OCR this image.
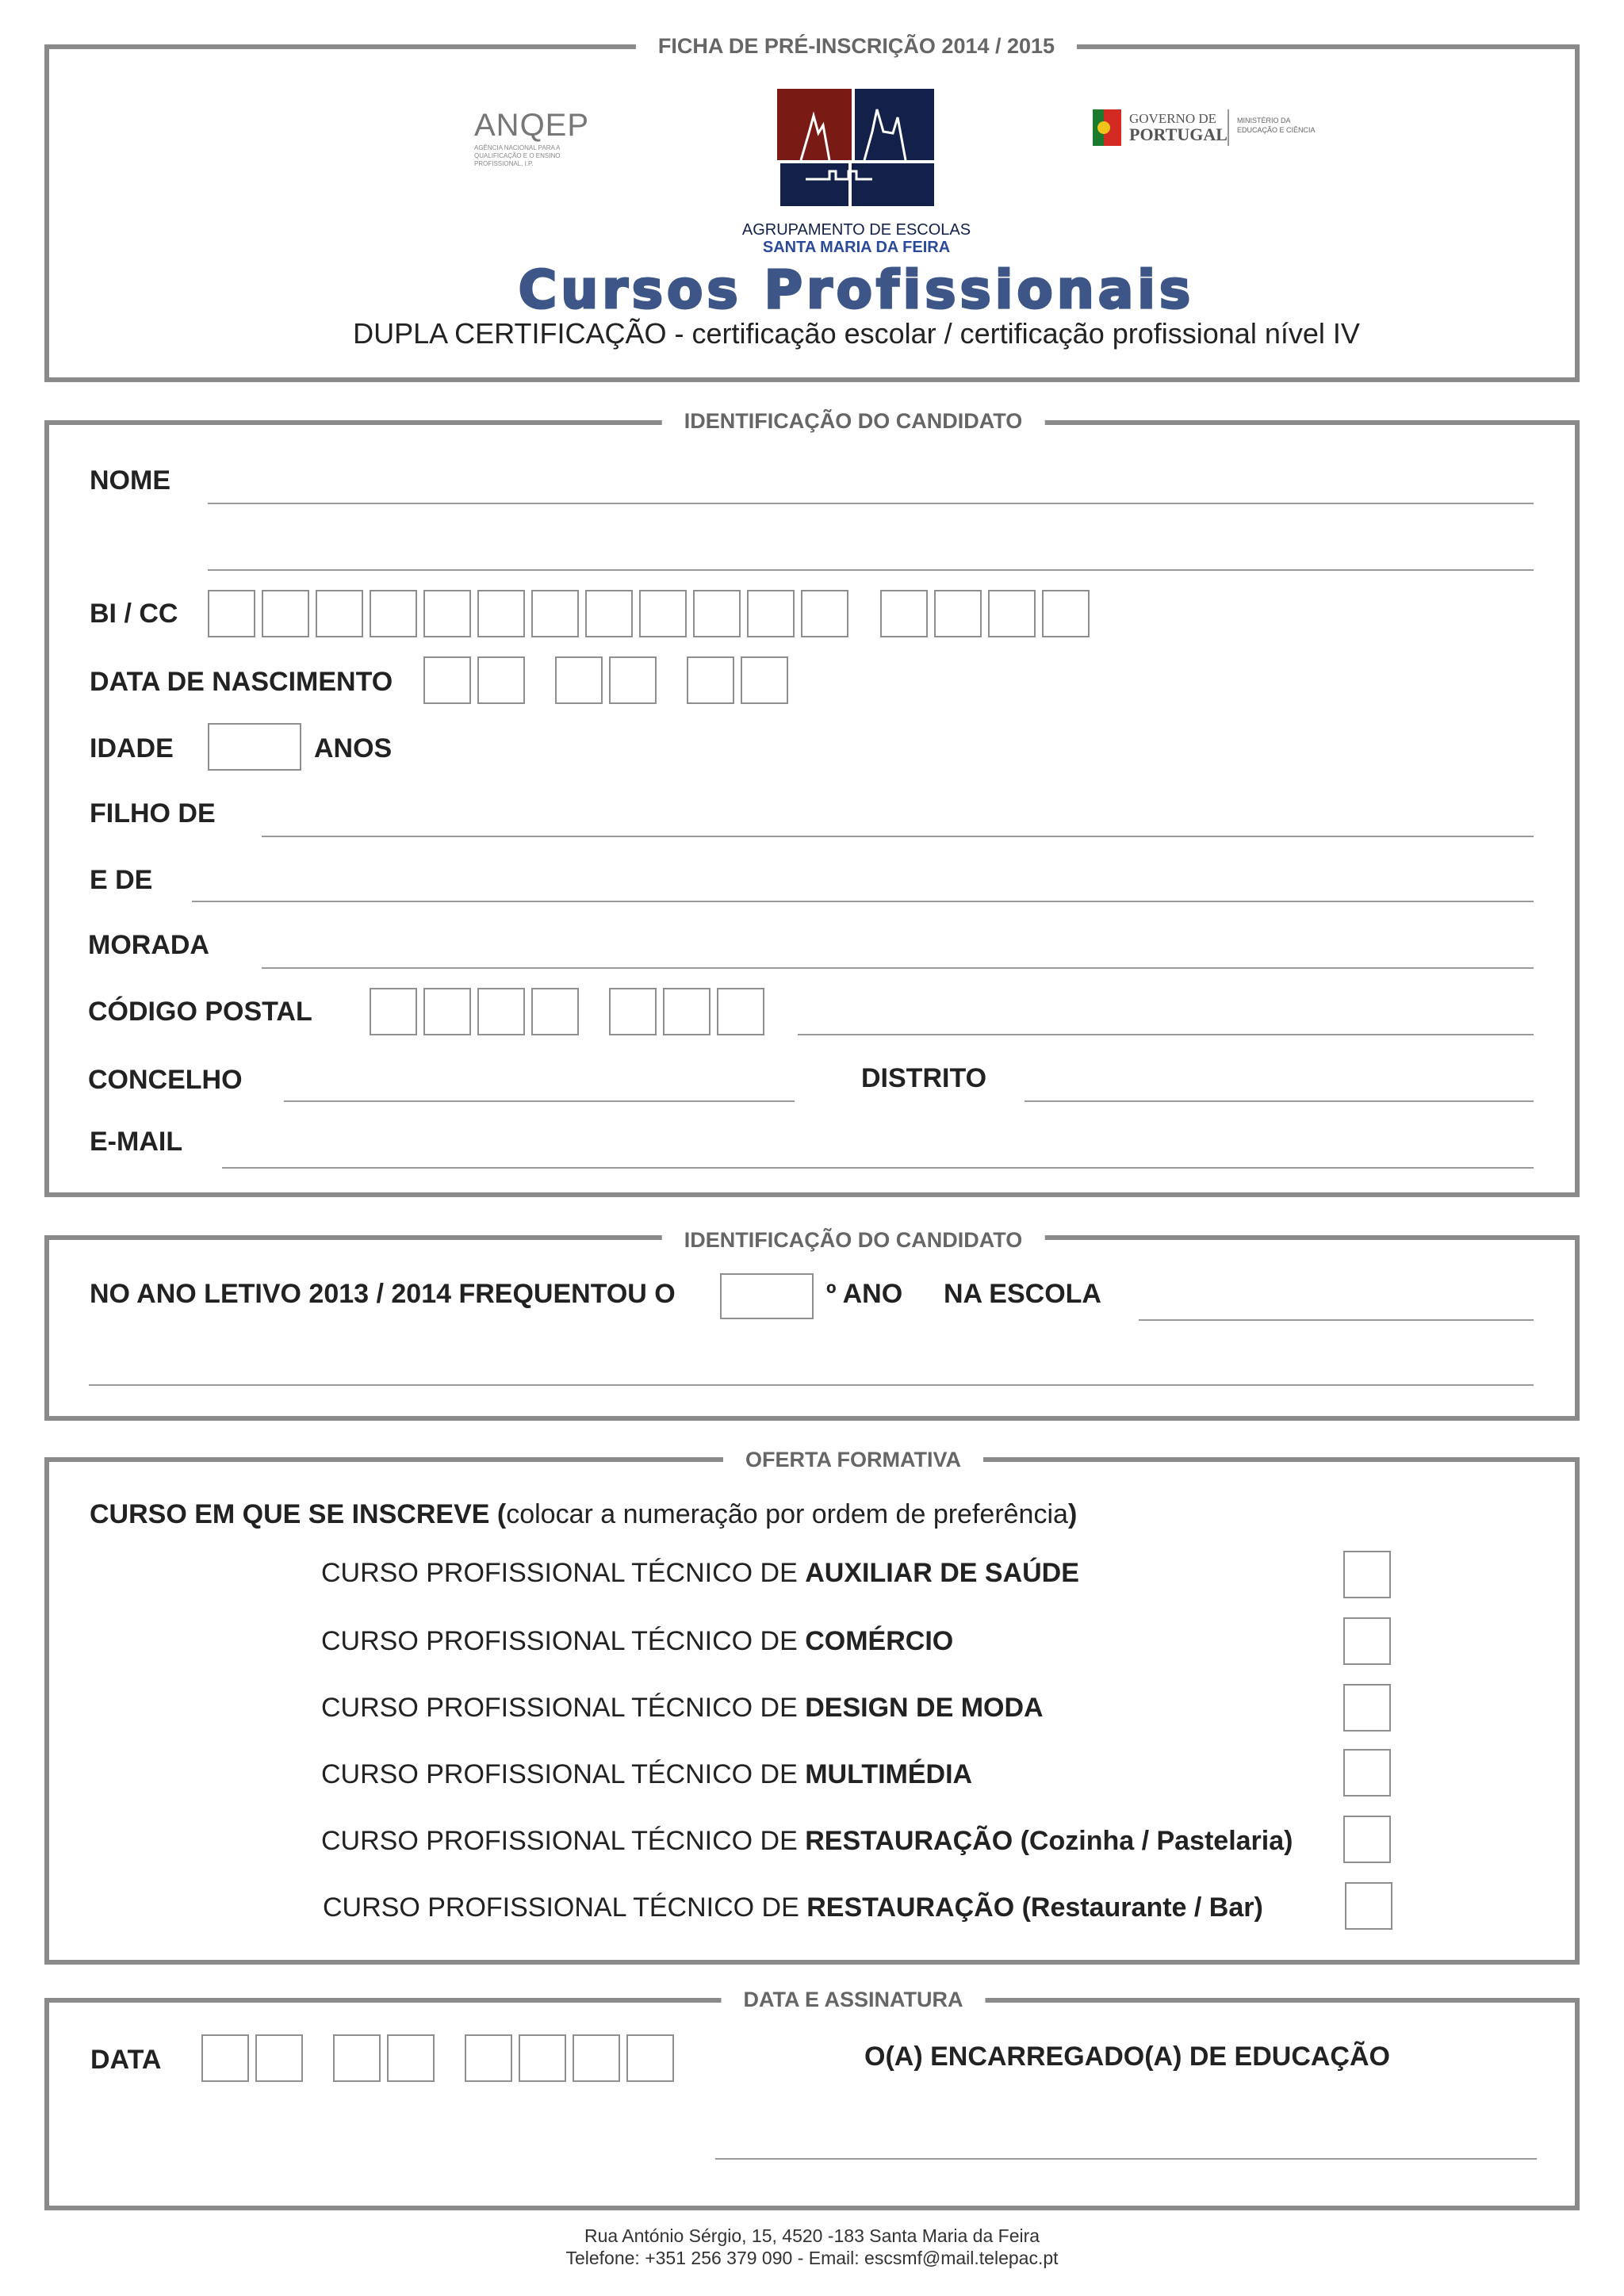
FICHA DE PRÉ-INSCRIÇÃO 2014 / 2015
ANQEP
AGÊNCIA NACIONAL PARA A QUALIFICAÇÃO E O ENSINO PROFISSIONAL, I.P.
AGRUPAMENTO DE ESCOLAS
SANTA MARIA DA FEIRA
GOVERNO DE
PORTUGAL
MINISTÉRIO DA EDUCAÇÃO E CIÊNCIA
Cursos Profissionais
DUPLA CERTIFICAÇÃO - certificação escolar / certificação profissional nível IV
IDENTIFICAÇÃO DO CANDIDATO
NOME
BI / CC
DATA DE NASCIMENTO
IDADE	ANOS
FILHO DE
E DE
MORADA
CÓDIGO POSTAL
CONCELHO	DISTRITO
E-MAIL
IDENTIFICAÇÃO DO CANDIDATO
NO ANO LETIVO 2013 / 2014 FREQUENTOU O	º ANO NA ESCOLA
OFERTA FORMATIVA
CURSO EM QUE SE INSCREVE (colocar a numeração por ordem de preferência)
CURSO PROFISSIONAL TÉCNICO DE AUXILIAR DE SAÚDE
CURSO PROFISSIONAL TÉCNICO DE COMÉRCIO
CURSO PROFISSIONAL TÉCNICO DE DESIGN DE MODA
CURSO PROFISSIONAL TÉCNICO DE MULTIMÉDIA
CURSO PROFISSIONAL TÉCNICO DE RESTAURAÇÃO (Cozinha / Pastelaria)
CURSO PROFISSIONAL TÉCNICO DE RESTAURAÇÃO (Restaurante / Bar)
DATA E ASSINATURA
DATA	O(A) ENCARREGADO(A) DE EDUCAÇÃO
Rua António Sérgio, 15, 4520 -183 Santa Maria da Feira
Telefone: +351 256 379 090 - Email: escsmf@mail.telepac.pt
